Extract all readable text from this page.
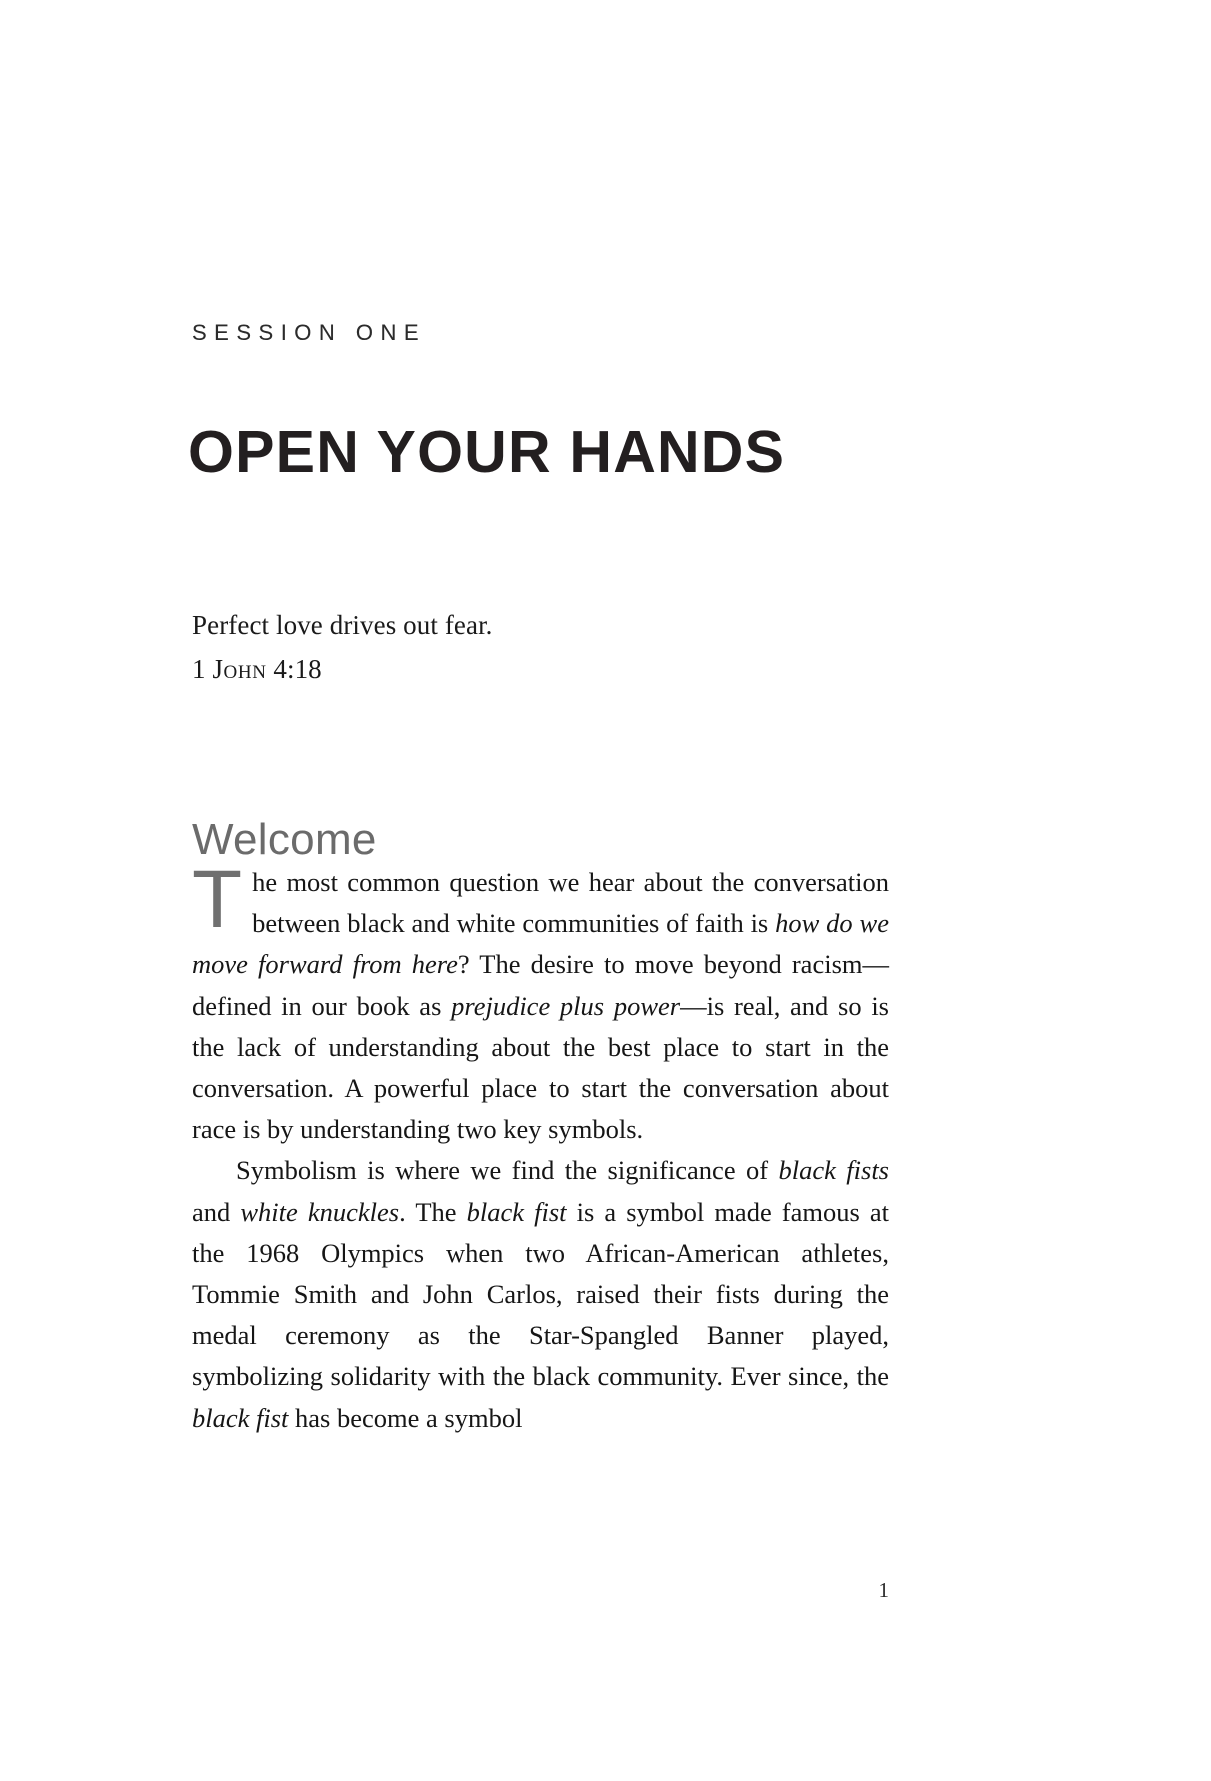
SESSION ONE
OPEN YOUR HANDS
Perfect love drives out fear.
1 John 4:18
Welcome

The most common question we hear about the conversation between black and white communities of faith is how do we move forward from here? The desire to move beyond racism—defined in our book as prejudice plus power—is real, and so is the lack of understanding about the best place to start in the conversation. A powerful place to start the conversation about race is by understanding two key symbols.

Symbolism is where we find the significance of black fists and white knuckles. The black fist is a symbol made famous at the 1968 Olympics when two African-American athletes, Tommie Smith and John Carlos, raised their fists during the medal ceremony as the Star-Spangled Banner played, symbolizing solidarity with the black community. Ever since, the black fist has become a symbol

1
